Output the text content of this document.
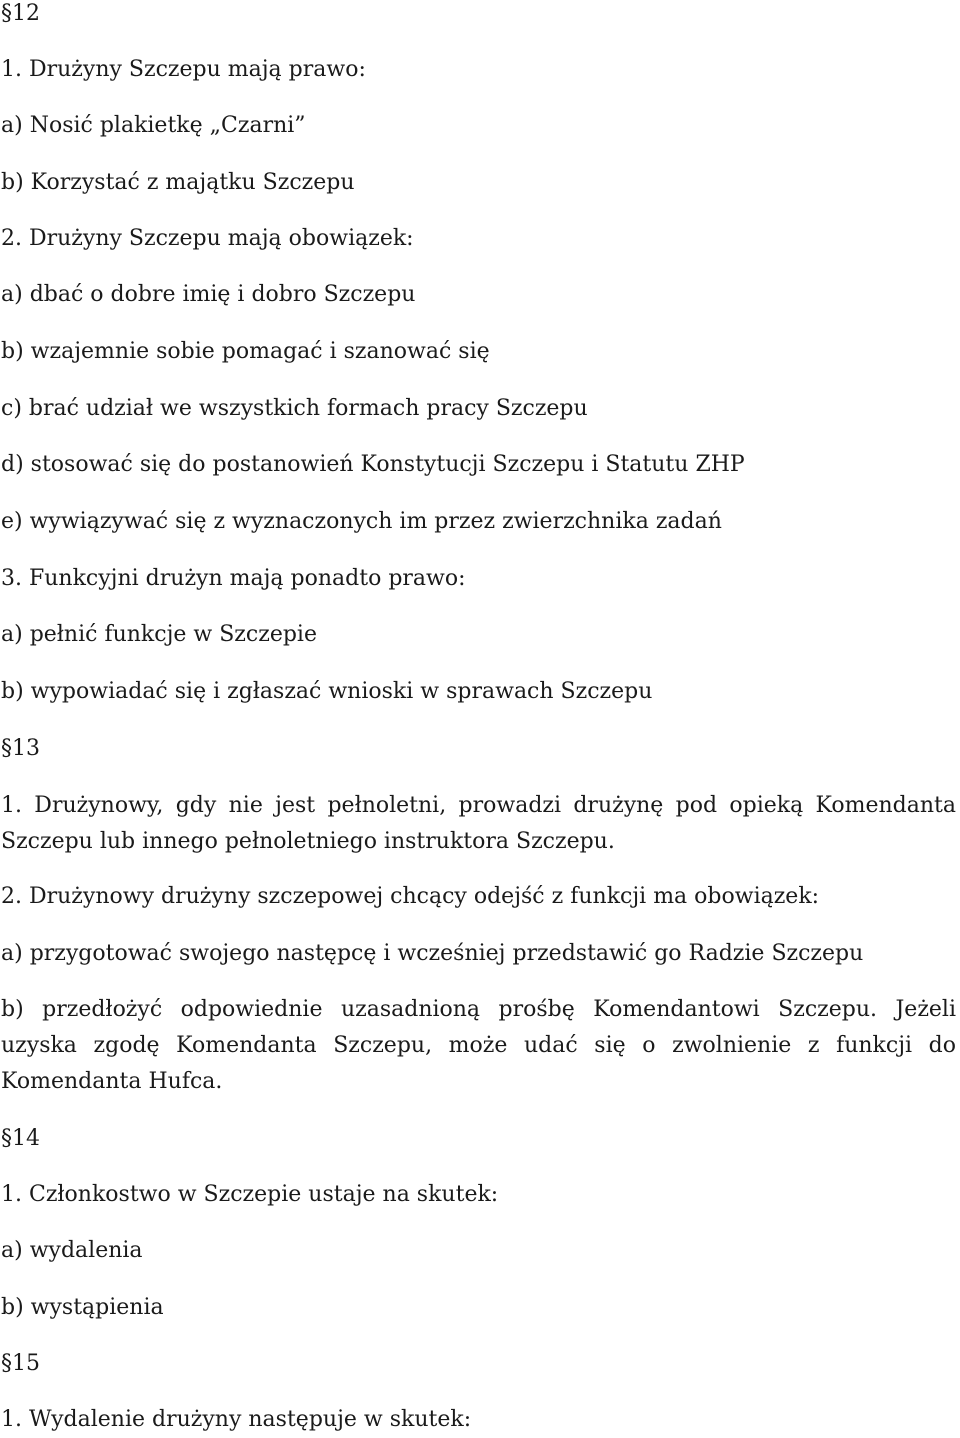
§12
1. Drużyny Szczepu mają prawo:
a) Nosić plakietkę „Czarni”
b) Korzystać z majątku Szczepu
2. Drużyny Szczepu mają obowiązek:
a) dbać o dobre imię i dobro Szczepu
b) wzajemnie sobie pomagać i szanować się
c) brać udział we wszystkich formach pracy Szczepu
d) stosować się do postanowień Konstytucji Szczepu i Statutu ZHP
e) wywiązywać się z wyznaczonych im przez zwierzchnika zadań
3. Funkcyjni drużyn mają ponadto prawo:
a) pełnić funkcje w Szczepie
b) wypowiadać się i zgłaszać wnioski w sprawach Szczepu
§13
1. Drużynowy, gdy nie jest pełnoletni, prowadzi drużynę pod opieką Komendanta Szczepu lub innego pełnoletniego instruktora Szczepu.
2. Drużynowy drużyny szczepowej chcący odejść z funkcji ma obowiązek:
a) przygotować swojego następcę i wcześniej przedstawić go Radzie Szczepu
b) przedłożyć odpowiednie uzasadnioną prośbę Komendantowi Szczepu. Jeżeli uzyska zgodę Komendanta Szczepu, może udać się o zwolnienie z funkcji do Komendanta Hufca.
§14
1. Członkostwo w Szczepie ustaje na skutek:
a) wydalenia
b) wystąpienia
§15
1. Wydalenie drużyny następuje w skutek:
